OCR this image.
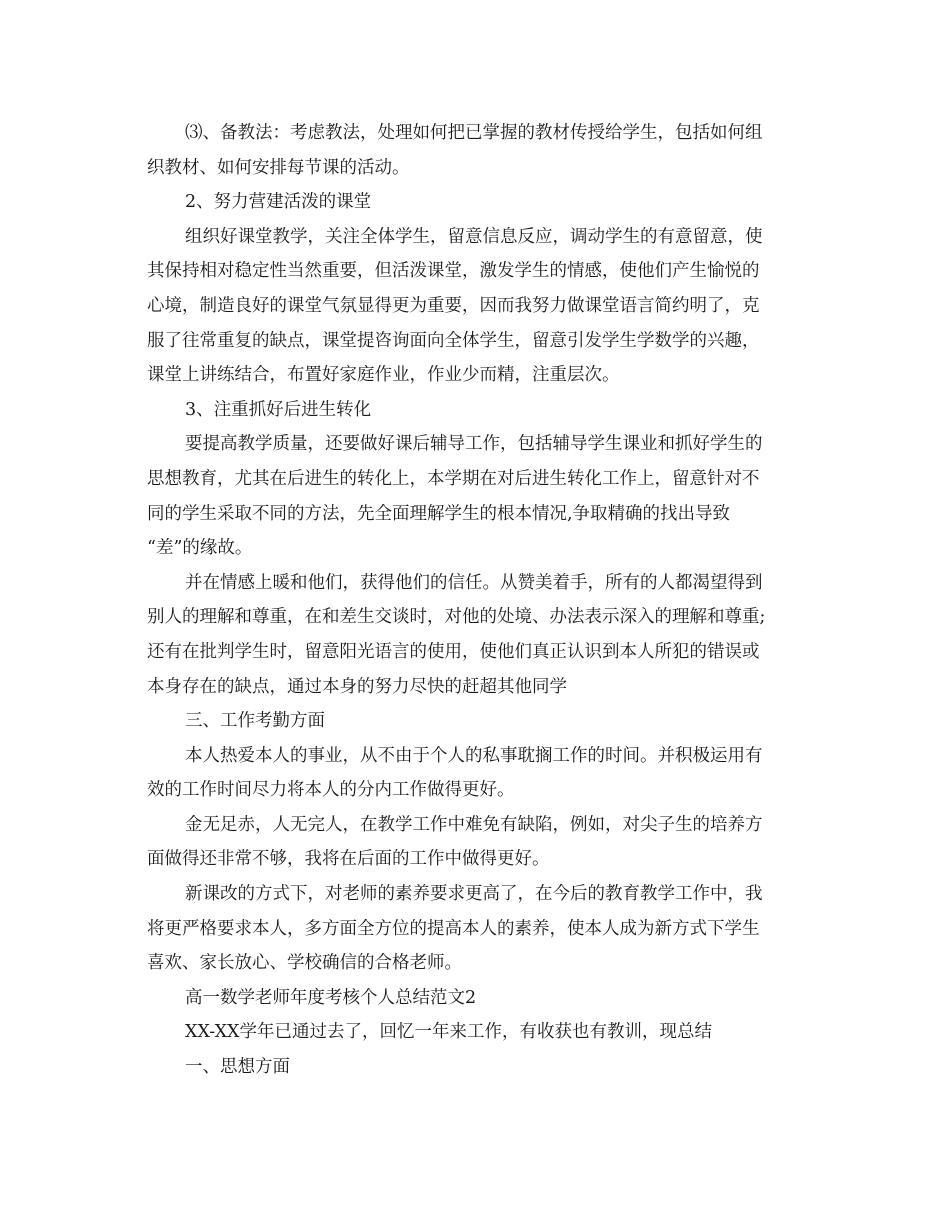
⑶、备教法：考虑教法，处理如何把已掌握的教材传授给学生，包括如何组
织教材、如何安排每节课的活动。
2、努力营建活泼的课堂
组织好课堂教学，关注全体学生，留意信息反应，调动学生的有意留意，使
其保持相对稳定性当然重要，但活泼课堂，激发学生的情感，使他们产生愉悦的
心境，制造良好的课堂气氛显得更为重要，因而我努力做课堂语言简约明了，克
服了往常重复的缺点，课堂提咨询面向全体学生，留意引发学生学数学的兴趣，
课堂上讲练结合，布置好家庭作业，作业少而精，注重层次。
3、注重抓好后进生转化
要提高教学质量，还要做好课后辅导工作，包括辅导学生课业和抓好学生的
思想教育，尤其在后进生的转化上，本学期在对后进生转化工作上，留意针对不
同的学生采取不同的方法，先全面理解学生的根本情况,争取精确的找出导致
“差”的缘故。
并在情感上暖和他们，获得他们的信任。从赞美着手，所有的人都渴望得到
别人的理解和尊重，在和差生交谈时，对他的处境、办法表示深入的理解和尊重;
还有在批判学生时，留意阳光语言的使用，使他们真正认识到本人所犯的错误或
本身存在的缺点，通过本身的努力尽快的赶超其他同学
三、工作考勤方面
本人热爱本人的事业，从不由于个人的私事耽搁工作的时间。并积极运用有
效的工作时间尽力将本人的分内工作做得更好。
金无足赤，人无完人，在教学工作中难免有缺陷，例如，对尖子生的培养方
面做得还非常不够，我将在后面的工作中做得更好。
新课改的方式下，对老师的素养要求更高了，在今后的教育教学工作中，我
将更严格要求本人，多方面全方位的提高本人的素养，使本人成为新方式下学生
喜欢、家长放心、学校确信的合格老师。
高一数学老师年度考核个人总结范文2
XX-XX学年已通过去了，回忆一年来工作，有收获也有教训，现总结
一、思想方面
